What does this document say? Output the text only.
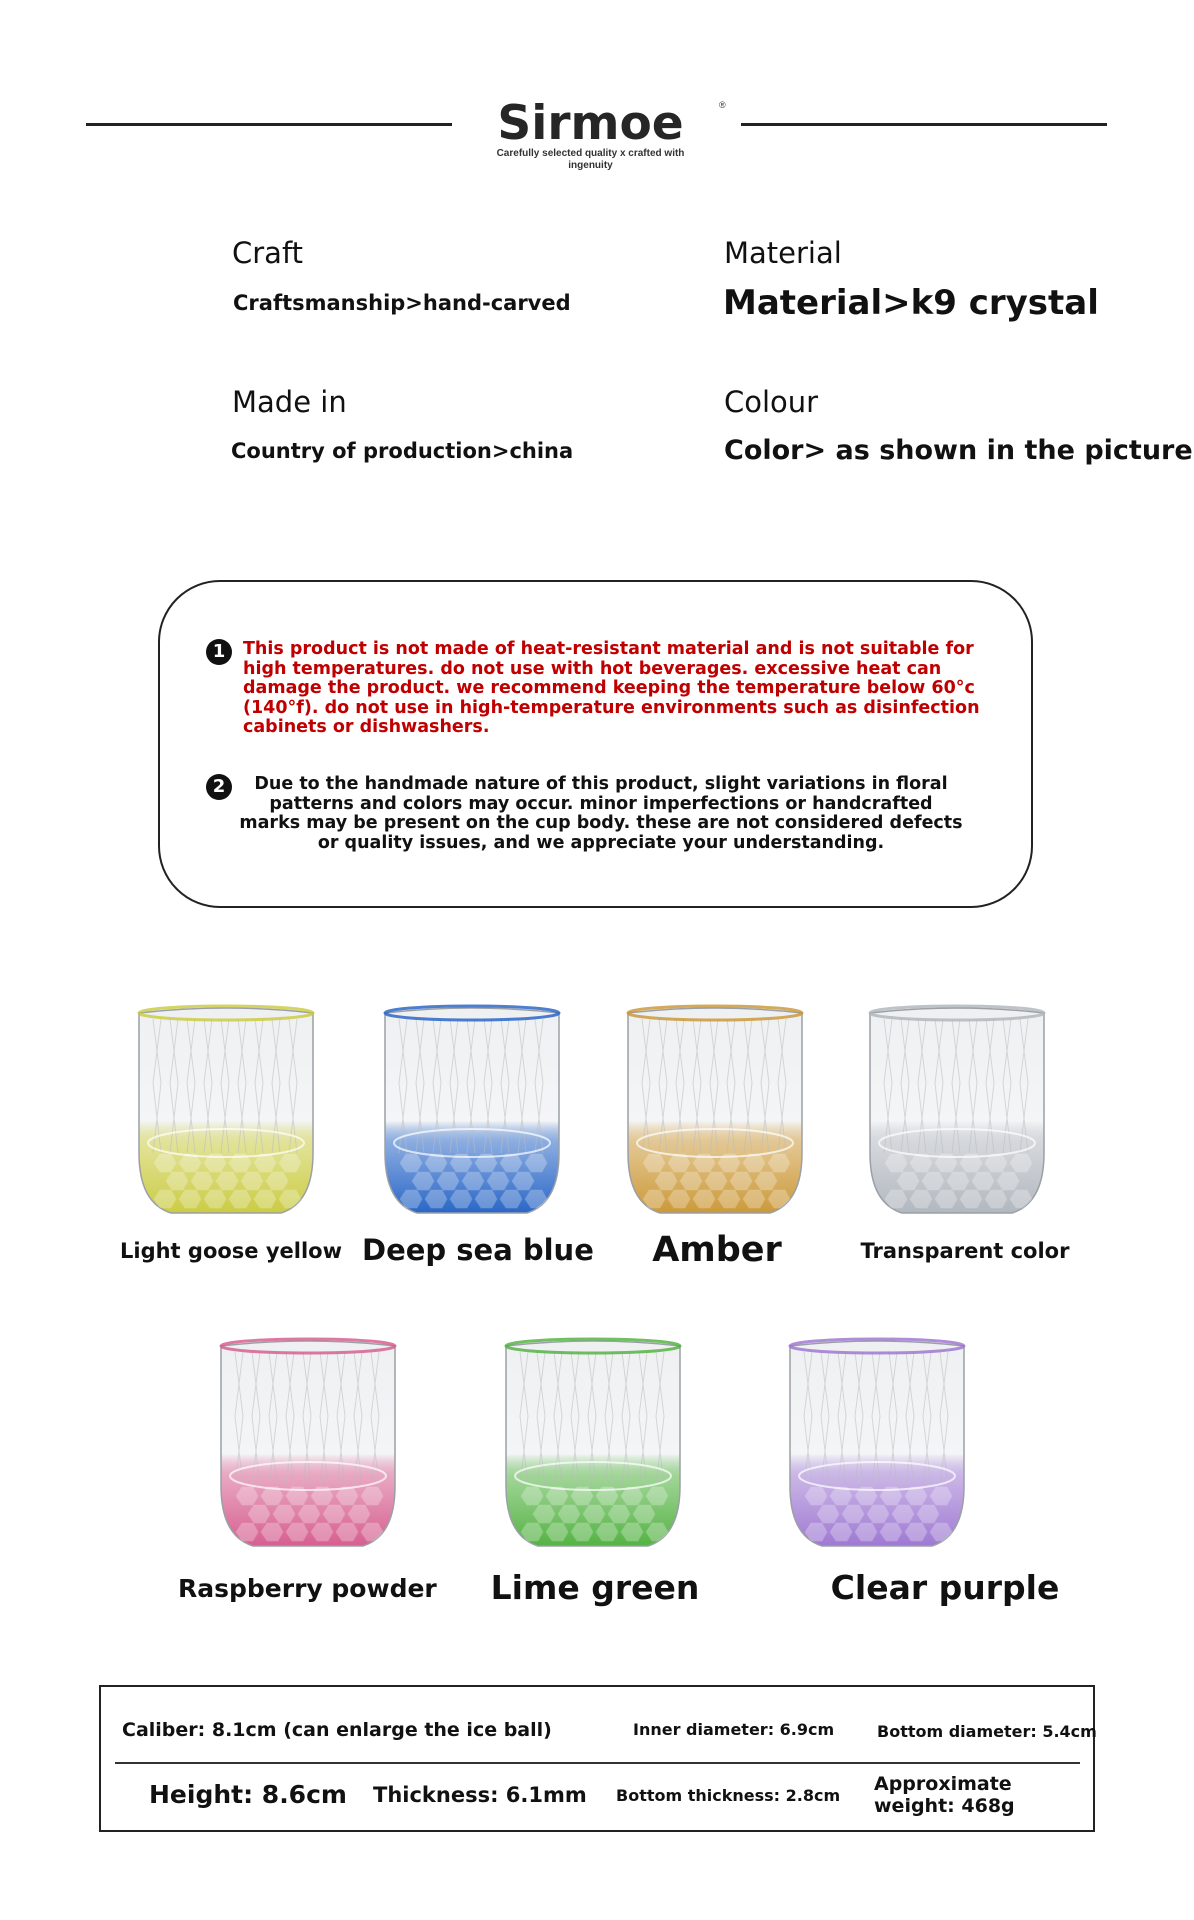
Sirmoe	®
Carefully selected quality x crafted with ingenuity
Craft
Craftsmanship>hand-carved
Material
Material>k9 crystal
Made in
Country of production>china
Colour
Color> as shown in the picture
1	This product is not made of heat-resistant material and is not suitable for high temperatures. do not use with hot beverages. excessive heat can damage the product. we recommend keeping the temperature below 60°c (140°f). do not use in high-temperature environments such as disinfection cabinets or dishwashers.
2	Due to the handmade nature of this product, slight variations in floral patterns and colors may occur. minor imperfections or handcrafted marks may be present on the cup body. these are not considered defects or quality issues, and we appreciate your understanding.
Light goose yellow Deep sea blue	Amber	Transparent color
Raspberry powder Lime green	Clear purple
Caliber: 8.1cm (can enlarge the ice ball)	Inner diameter: 6.9cm	Bottom diameter: 5.4cm
Height: 8.6cm Thickness: 6.1mm Bottom thickness: 2.8cm
Approximate
weight: 468g
